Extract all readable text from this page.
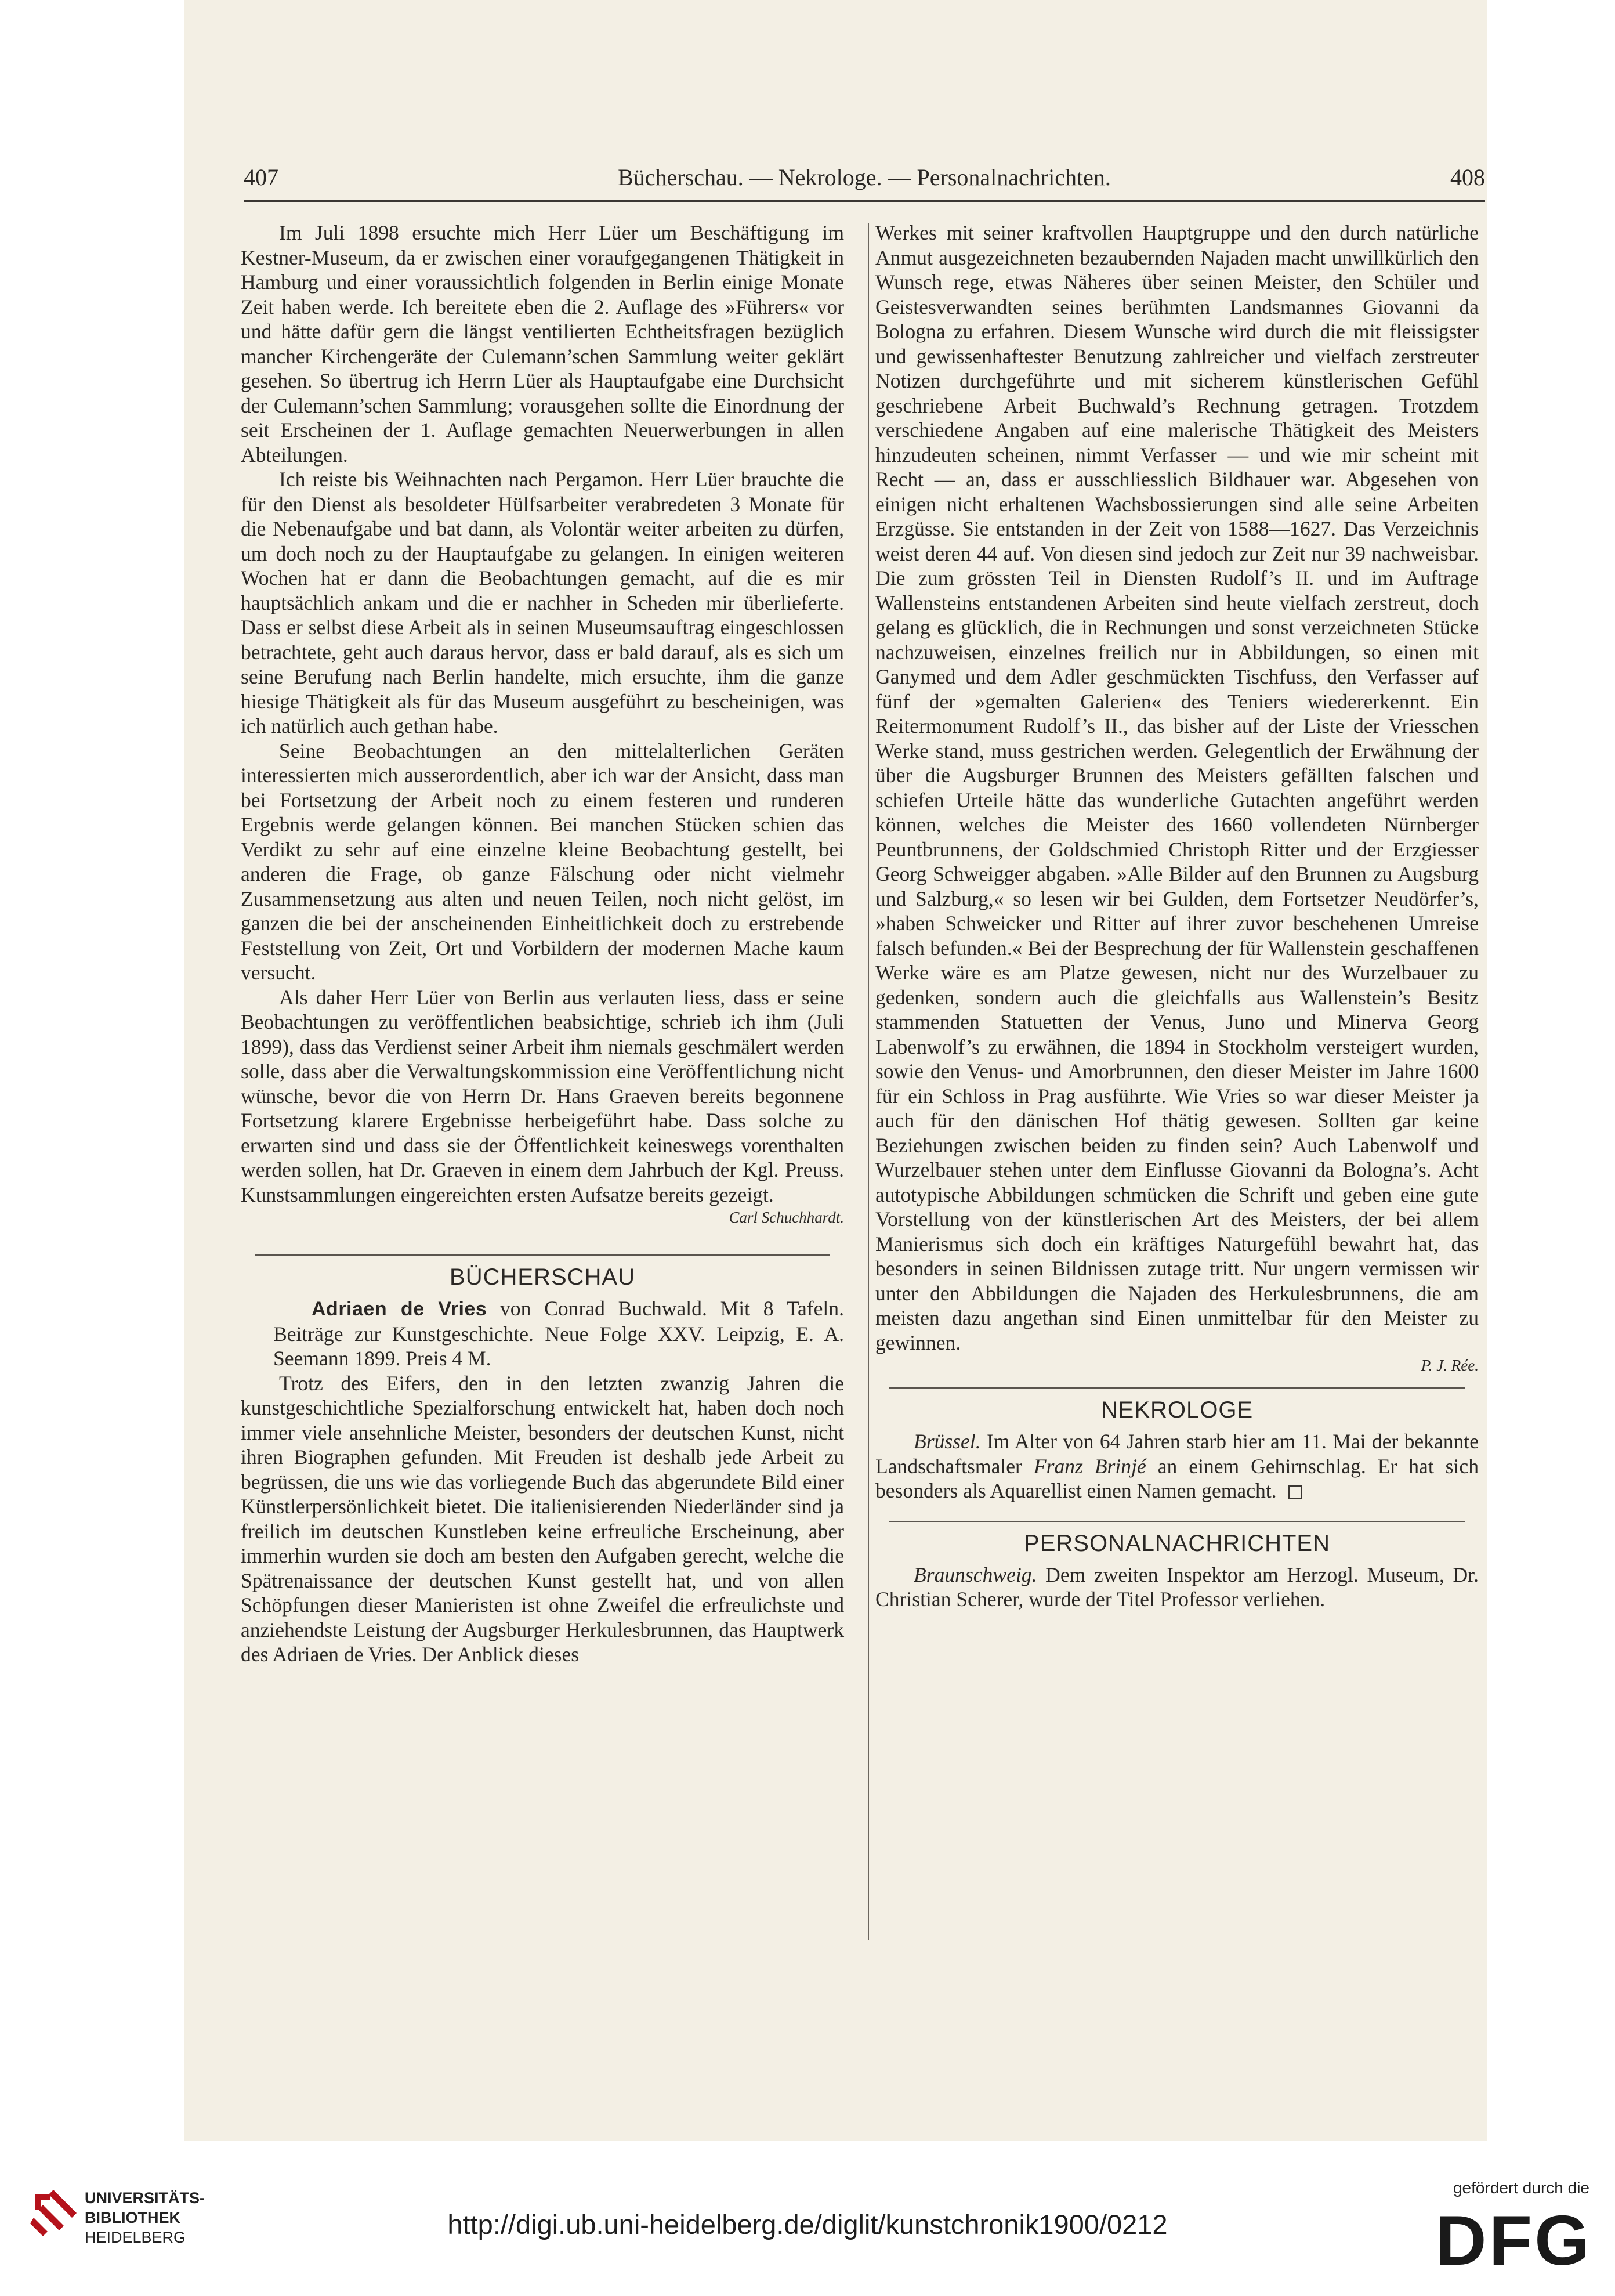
407	Bücherschau. — Nekrologe. — Personalnachrichten.	408

Im Juli 1898 ersuchte mich Herr Lüer um Beschäftigung im Kestner-Museum, da er zwischen einer voraufgegangenen Thätigkeit in Hamburg und einer voraussichtlich folgenden in Berlin einige Monate Zeit haben werde. Ich bereitete eben die 2. Auflage des »Führers« vor und hätte dafür gern die längst ventilierten Echtheitsfragen bezüglich mancher Kirchengeräte der Culemann’schen Sammlung weiter geklärt gesehen. So übertrug ich Herrn Lüer als Hauptaufgabe eine Durchsicht der Culemann’schen Sammlung; vorausgehen sollte die Einordnung der seit Erscheinen der 1. Auflage gemachten Neuerwerbungen in allen Abteilungen.

Ich reiste bis Weihnachten nach Pergamon. Herr Lüer brauchte die für den Dienst als besoldeter Hülfsarbeiter verabredeten 3 Monate für die Nebenaufgabe und bat dann, als Volontär weiter arbeiten zu dürfen, um doch noch zu der Hauptaufgabe zu gelangen. In einigen weiteren Wochen hat er dann die Beobachtungen gemacht, auf die es mir hauptsächlich ankam und die er nachher in Scheden mir überlieferte. Dass er selbst diese Arbeit als in seinen Museumsauftrag eingeschlossen betrachtete, geht auch daraus hervor, dass er bald darauf, als es sich um seine Berufung nach Berlin handelte, mich ersuchte, ihm die ganze hiesige Thätigkeit als für das Museum ausgeführt zu bescheinigen, was ich natürlich auch gethan habe.

Seine Beobachtungen an den mittelalterlichen Geräten interessierten mich ausserordentlich, aber ich war der Ansicht, dass man bei Fortsetzung der Arbeit noch zu einem festeren und runderen Ergebnis werde gelangen können. Bei manchen Stücken schien das Verdikt zu sehr auf eine einzelne kleine Beobachtung gestellt, bei anderen die Frage, ob ganze Fälschung oder nicht vielmehr Zusammensetzung aus alten und neuen Teilen, noch nicht gelöst, im ganzen die bei der anscheinenden Einheitlichkeit doch zu erstrebende Feststellung von Zeit, Ort und Vorbildern der modernen Mache kaum versucht.

Als daher Herr Lüer von Berlin aus verlauten liess, dass er seine Beobachtungen zu veröffentlichen beabsichtige, schrieb ich ihm (Juli 1899), dass das Verdienst seiner Arbeit ihm niemals geschmälert werden solle, dass aber die Verwaltungskommission eine Veröffentlichung nicht wünsche, bevor die von Herrn Dr. Hans Graeven bereits begonnene Fortsetzung klarere Ergebnisse herbeigeführt habe. Dass solche zu erwarten sind und dass sie der Öffentlichkeit keineswegs vorenthalten werden sollen, hat Dr. Graeven in einem dem Jahrbuch der Kgl. Preuss. Kunstsammlungen eingereichten ersten Aufsatze bereits gezeigt.

Carl Schuchhardt.

BÜCHERSCHAU

Adriaen de Vries von Conrad Buchwald. Mit 8 Tafeln. Beiträge zur Kunstgeschichte. Neue Folge XXV. Leipzig, E. A. Seemann 1899. Preis 4 M.

Trotz des Eifers, den in den letzten zwanzig Jahren die kunstgeschichtliche Spezialforschung entwickelt hat, haben doch noch immer viele ansehnliche Meister, besonders der deutschen Kunst, nicht ihren Biographen gefunden. Mit Freuden ist deshalb jede Arbeit zu begrüssen, die uns wie das vorliegende Buch das abgerundete Bild einer Künstlerpersönlichkeit bietet. Die italienisierenden Niederländer sind ja freilich im deutschen Kunstleben keine erfreuliche Erscheinung, aber immerhin wurden sie doch am besten den Aufgaben gerecht, welche die Spätrenaissance der deutschen Kunst gestellt hat, und von allen Schöpfungen dieser Manieristen ist ohne Zweifel die erfreulichste und anziehendste Leistung der Augsburger Herkulesbrunnen, das Hauptwerk des Adriaen de Vries. Der Anblick dieses

Werkes mit seiner kraftvollen Hauptgruppe und den durch natürliche Anmut ausgezeichneten bezaubernden Najaden macht unwillkürlich den Wunsch rege, etwas Näheres über seinen Meister, den Schüler und Geistesverwandten seines berühmten Landsmannes Giovanni da Bologna zu erfahren. Diesem Wunsche wird durch die mit fleissigster und gewissenhaftester Benutzung zahlreicher und vielfach zerstreuter Notizen durchgeführte und mit sicherem künstlerischen Gefühl geschriebene Arbeit Buchwald’s Rechnung getragen. Trotzdem verschiedene Angaben auf eine malerische Thätigkeit des Meisters hinzudeuten scheinen, nimmt Verfasser — und wie mir scheint mit Recht — an, dass er ausschliesslich Bildhauer war. Abgesehen von einigen nicht erhaltenen Wachsbossierungen sind alle seine Arbeiten Erzgüsse. Sie entstanden in der Zeit von 1588—1627. Das Verzeichnis weist deren 44 auf. Von diesen sind jedoch zur Zeit nur 39 nachweisbar. Die zum grössten Teil in Diensten Rudolf’s II. und im Auftrage Wallensteins entstandenen Arbeiten sind heute vielfach zerstreut, doch gelang es glücklich, die in Rechnungen und sonst verzeichneten Stücke nachzuweisen, einzelnes freilich nur in Abbildungen, so einen mit Ganymed und dem Adler geschmückten Tischfuss, den Verfasser auf fünf der »gemalten Galerien« des Teniers wiedererkennt. Ein Reitermonument Rudolf’s II., das bisher auf der Liste der Vriesschen Werke stand, muss gestrichen werden. Gelegentlich der Erwähnung der über die Augsburger Brunnen des Meisters gefällten falschen und schiefen Urteile hätte das wunderliche Gutachten angeführt werden können, welches die Meister des 1660 vollendeten Nürnberger Peuntbrunnens, der Goldschmied Christoph Ritter und der Erzgiesser Georg Schweigger abgaben. »Alle Bilder auf den Brunnen zu Augsburg und Salzburg,« so lesen wir bei Gulden, dem Fortsetzer Neudörfer’s, »haben Schweicker und Ritter auf ihrer zuvor beschehenen Umreise falsch befunden.« Bei der Besprechung der für Wallenstein geschaffenen Werke wäre es am Platze gewesen, nicht nur des Wurzelbauer zu gedenken, sondern auch die gleichfalls aus Wallenstein’s Besitz stammenden Statuetten der Venus, Juno und Minerva Georg Labenwolf’s zu erwähnen, die 1894 in Stockholm versteigert wurden, sowie den Venus- und Amorbrunnen, den dieser Meister im Jahre 1600 für ein Schloss in Prag ausführte. Wie Vries so war dieser Meister ja auch für den dänischen Hof thätig gewesen. Sollten gar keine Beziehungen zwischen beiden zu finden sein? Auch Labenwolf und Wurzelbauer stehen unter dem Einflusse Giovanni da Bologna’s. Acht autotypische Abbildungen schmücken die Schrift und geben eine gute Vorstellung von der künstlerischen Art des Meisters, der bei allem Manierismus sich doch ein kräftiges Naturgefühl bewahrt hat, das besonders in seinen Bildnissen zutage tritt. Nur ungern vermissen wir unter den Abbildungen die Najaden des Herkulesbrunnens, die am meisten dazu angethan sind Einen unmittelbar für den Meister zu gewinnen.

P. J. Rée.

NEKROLOGE

Brüssel. Im Alter von 64 Jahren starb hier am 11. Mai der bekannte Landschaftsmaler Franz Brinjé an einem Gehirnschlag. Er hat sich besonders als Aquarellist einen Namen gemacht.

PERSONALNACHRICHTEN

Braunschweig. Dem zweiten Inspektor am Herzogl. Museum, Dr. Christian Scherer, wurde der Titel Professor verliehen.

UNIVERSITÄTS-
BIBLIOTHEK
HEIDELBERG	http://digi.ub.uni-heidelberg.de/diglit/kunstchronik1900/0212
gefördert durch die
DFG
